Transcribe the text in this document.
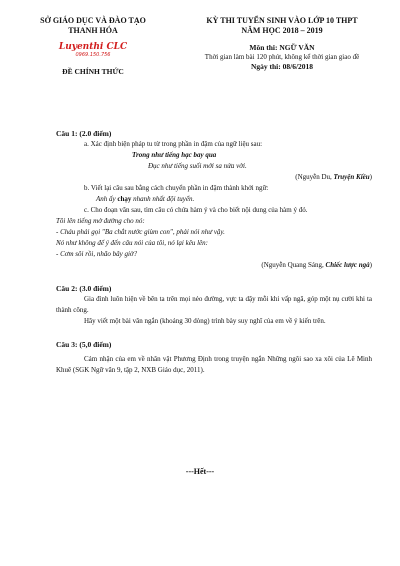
SỞ GIÁO DỤC VÀ ĐÀO TẠO
THANH HÓA
Luyenthi CLC
0969.150.756
ĐỀ CHÍNH THỨC
KỲ THI TUYỂN SINH VÀO LỚP 10 THPT
NĂM HỌC 2018 – 2019
Môn thi: NGỮ VĂN
Thời gian làm bài 120 phút, không kể thời gian giao đề
Ngày thi: 08/6/2018
Câu 1: (2.0 điểm)
a. Xác định biện pháp tu từ trong phần in đậm của ngữ liệu sau:
Trong như tiếng hạc bay qua
Đục như tiếng suối mới sa nửa vời.
(Nguyễn Du, Truyện Kiều)
b. Viết lại câu sau bằng cách chuyển phần in đậm thành khởi ngữ:
Anh ấy chạy nhanh nhất đội tuyển.
c. Cho đoạn văn sau, tìm câu có chứa hàm ý và cho biết nội dung của hàm ý đó.
Tôi lên tiếng mở đường cho nó:
- Cháu phải gọi "Ba chắt nước giùm con", phải nói như vậy.
Nó như không để ý đến câu nói của tôi, nó lại kêu lên:
- Cơm sôi rồi, nhão bây giờ?
(Nguyễn Quang Sáng, Chiếc lược ngà)
Câu 2: (3.0 điểm)
Gia đình luôn hiện về bên ta trên mọi nẻo đường, vực ta dậy mỗi khi vấp ngã, góp một nụ cười khi ta thành công.
Hãy viết một bài văn ngắn (khoảng 30 dòng) trình bày suy nghĩ của em về ý kiến trên.
Câu 3: (5,0 điểm)
Cảm nhận của em về nhân vật Phương Định trong truyện ngắn Những ngôi sao xa xôi của Lê Minh Khuê (SGK Ngữ văn 9, tập 2, NXB Giáo dục, 2011).
---Hết---
